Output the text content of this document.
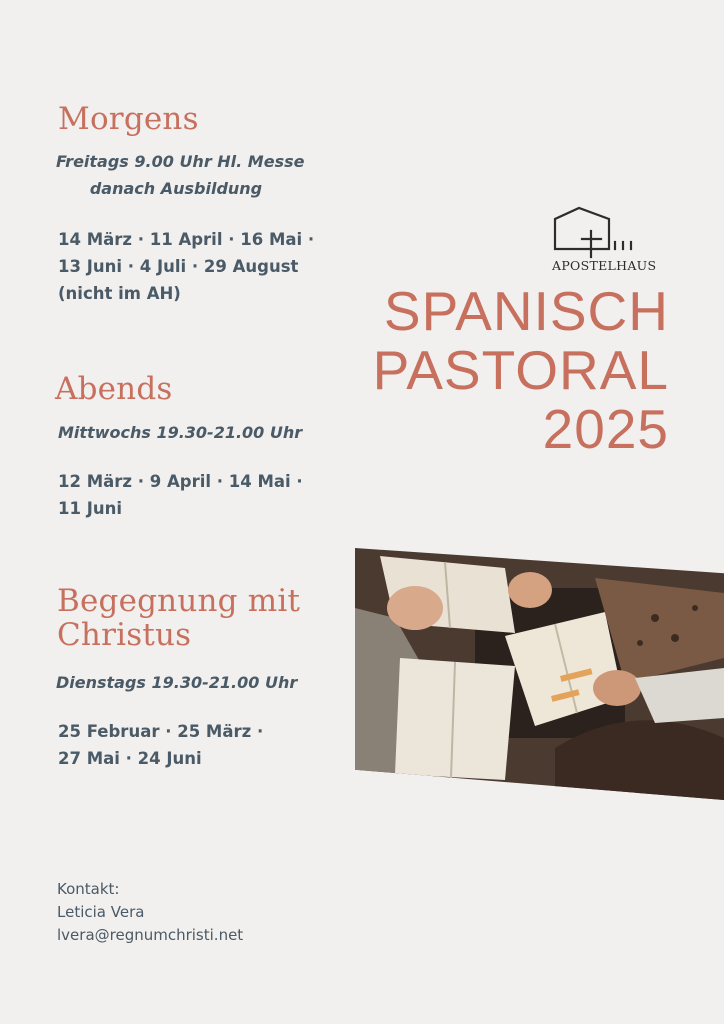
Morgens

Freitags 9.00 Uhr Hl. Messe
danach Ausbildung

14 März · 11 April · 16 Mai ·
13 Juni · 4 Juli · 29 August
(nicht im AH)

Abends

Mittwochs 19.30-21.00 Uhr

12 März · 9 April · 14 Mai ·
11 Juni

Begegnung mit
Christus

Dienstags 19.30-21.00 Uhr

25 Februar · 25 März ·
27 Mai · 24 Juni

APOSTELHAUS
SPANISCH
PASTORAL
2025
Kontakt:
Leticia Vera
lvera@regnumchristi.net
